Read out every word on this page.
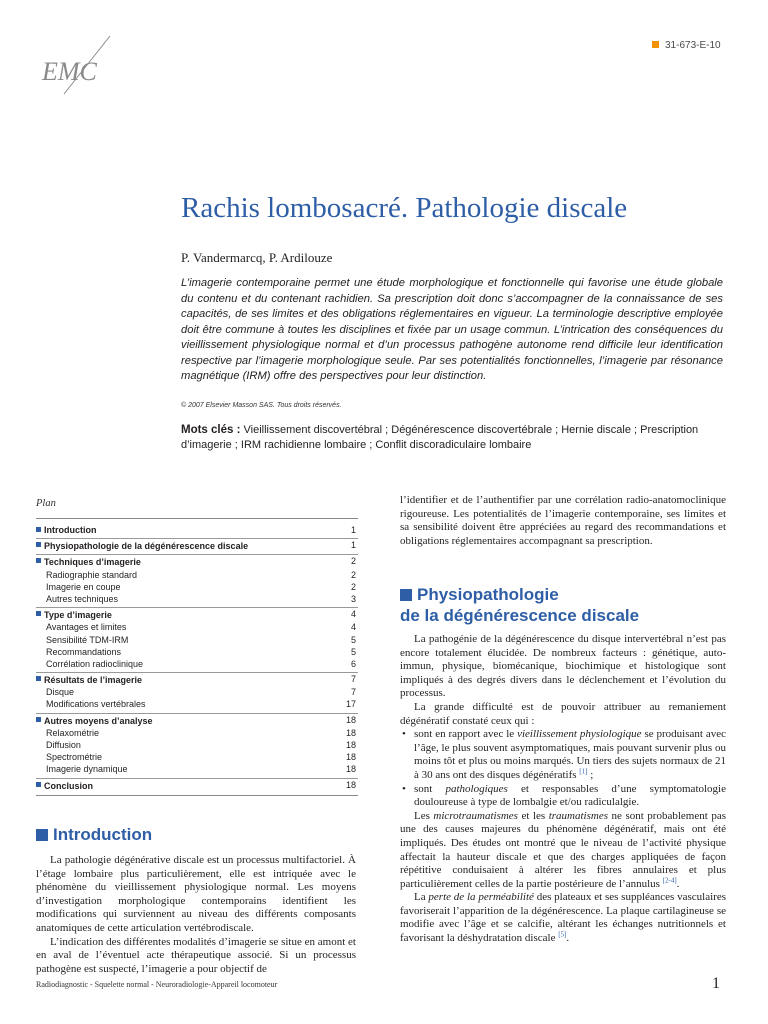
EMC
31-673-E-10
Rachis lombosacré. Pathologie discale
P. Vandermarcq, P. Ardilouze
L’imagerie contemporaine permet une étude morphologique et fonctionnelle qui favorise une étude globale du contenu et du contenant rachidien. Sa prescription doit donc s’accompagner de la connaissance de ses capacités, de ses limites et des obligations réglementaires en vigueur. La terminologie descriptive employée doit être commune à toutes les disciplines et fixée par un usage commun. L’intrication des conséquences du vieillissement physiologique normal et d’un processus pathogène autonome rend difficile leur identification respective par l’imagerie morphologique seule. Par ses potentialités fonctionnelles, l’imagerie par résonance magnétique (IRM) offre des perspectives pour leur distinction.
© 2007 Elsevier Masson SAS. Tous droits réservés.
Mots clés : Vieillissement discovertébral ; Dégénérescence discovertébrale ; Hernie discale ; Prescription d’imagerie ; IRM rachidienne lombaire ; Conflit discoradiculaire lombaire
Plan
Introduction	1
Physiopathologie de la dégénérescence discale	1
Techniques d’imagerie	2
Radiographie standard	2
Imagerie en coupe	2
Autres techniques	3
Type d’imagerie	4
Avantages et limites	4
Sensibilité TDM-IRM	5
Recommandations	5
Corrélation radioclinique	6
Résultats de l’imagerie	7
Disque	7
Modifications vertébrales	17
Autres moyens d’analyse	18
Relaxométrie	18
Diffusion	18
Spectrométrie	18
Imagerie dynamique	18
Conclusion	18
Introduction

La pathologie dégénérative discale est un processus multifactoriel. À l’étage lombaire plus particulièrement, elle est intriquée avec le phénomène du vieillissement physiologique normal. Les moyens d’investigation morphologique contemporains identifient les modifications qui surviennent au niveau des différents composants anatomiques de cette articulation vertébrodiscale.

L’indication des différentes modalités d’imagerie se situe en amont et en aval de l’éventuel acte thérapeutique associé. Si un processus pathogène est suspecté, l’imagerie a pour objectif de

l’identifier et de l’authentifier par une corrélation radio-anatomoclinique rigoureuse. Les potentialités de l’imagerie contemporaine, ses limites et sa sensibilité doivent être appréciées au regard des recommandations et obligations réglementaires accompagnant sa prescription.

Physiopathologie
de la dégénérescence discale

La pathogénie de la dégénérescence du disque intervertébral n’est pas encore totalement élucidée. De nombreux facteurs : génétique, auto-immun, physique, biomécanique, biochimique et histologique sont impliqués à des degrés divers dans le déclenchement et l’évolution du processus.

La grande difficulté est de pouvoir attribuer au remaniement dégénératif constaté ceux qui :

• sont en rapport avec le vieillissement physiologique se produisant avec l’âge, le plus souvent asymptomatiques, mais pouvant survenir plus ou moins tôt et plus ou moins marqués. Un tiers des sujets normaux de 21 à 30 ans ont des disques dégénératifs [1] ;
• sont pathologiques et responsables d’une symptomatologie douloureuse à type de lombalgie et/ou radiculalgie.

Les microtraumatismes et les traumatismes ne sont probablement pas une des causes majeures du phénomène dégénératif, mais ont été impliqués. Des études ont montré que le niveau de l’activité physique affectait la hauteur discale et que des charges appliquées de façon répétitive conduisaient à altérer les fibres annulaires et plus particulièrement celles de la partie postérieure de l’annulus [2-4].

La perte de la perméabilité des plateaux et ses suppléances vasculaires favoriserait l’apparition de la dégénérescence. La plaque cartilagineuse se modifie avec l’âge et se calcifie, altérant les échanges nutritionnels et favorisant la déshydratation discale [5].

Radiodiagnostic - Squelette normal - Neuroradiologie-Appareil locomoteur	1
